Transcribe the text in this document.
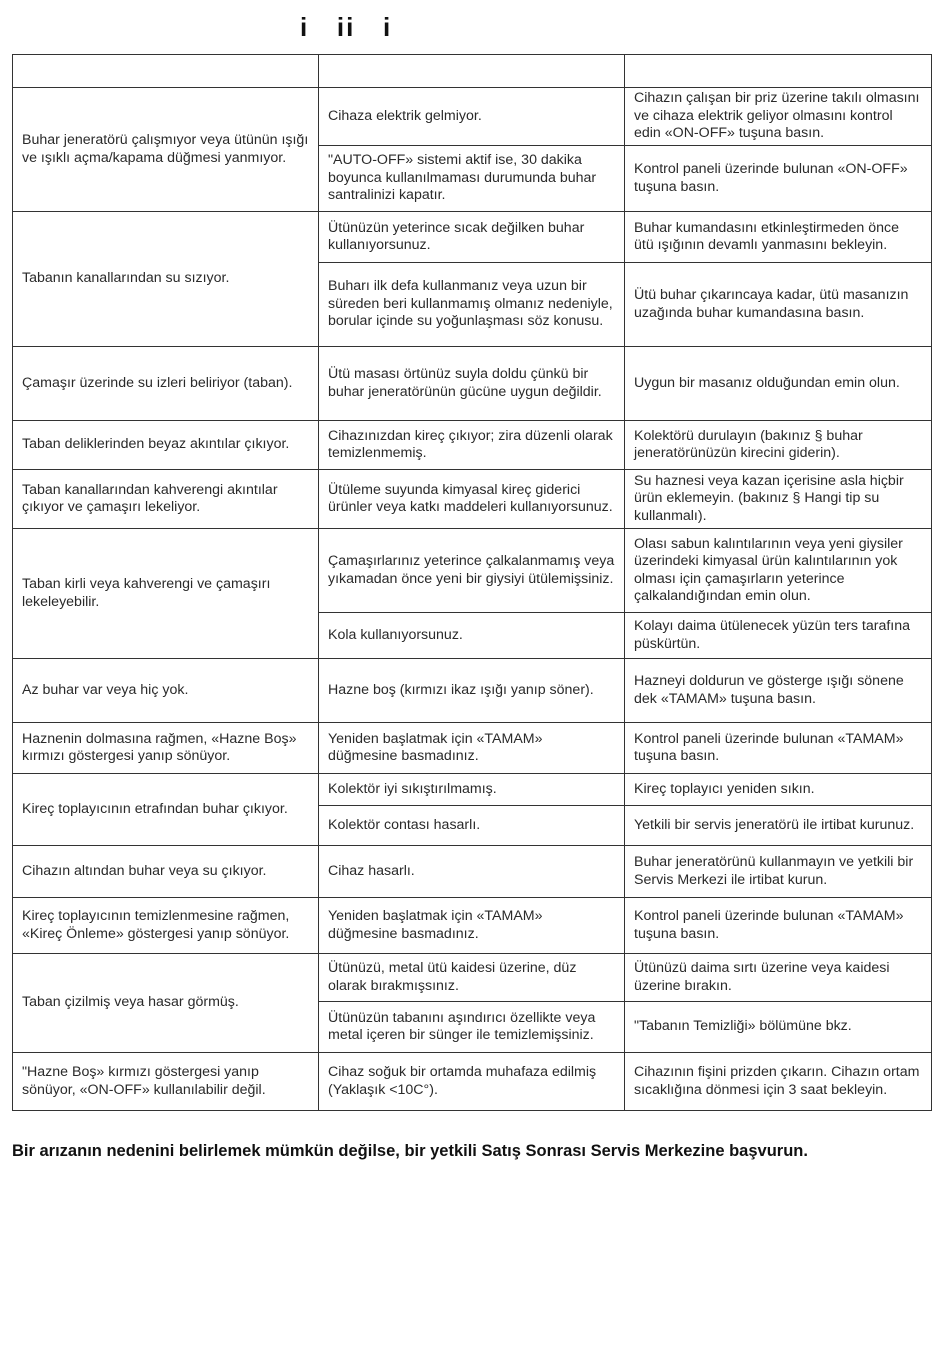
i   ii   i

Buhar jeneratörü çalışmıyor veya ütünün ışığı ve ışıklı açma/kapama düğmesi yanmıyor.	Cihaza elektrik gelmiyor.	Cihazın çalışan bir priz üzerine takılı olmasını ve cihaza elektrik geliyor olmasını kontrol edin «ON-OFF» tuşuna basın.
	"AUTO-OFF» sistemi aktif ise, 30 dakika boyunca kullanılmaması durumunda buhar santralinizi kapatır.	Kontrol paneli üzerinde bulunan «ON-OFF» tuşuna basın.
Tabanın kanallarından su sızıyor.	Ütünüzün yeterince sıcak değilken buhar kullanıyorsunuz.	Buhar kumandasını etkinleştirmeden önce ütü ışığının devamlı yanmasını bekleyin.
	Buharı ilk defa kullanmanız veya uzun bir süreden beri kullanmamış olmanız nedeniyle, borular içinde su yoğunlaşması söz konusu.	Ütü buhar çıkarıncaya kadar, ütü masanızın uzağında buhar kumandasına basın.
Çamaşır üzerinde su izleri beliriyor (taban).	Ütü masası örtünüz suyla doldu çünkü bir buhar jeneratörünün gücüne uygun değildir.	Uygun bir masanız olduğundan emin olun.
Taban deliklerinden beyaz akıntılar çıkıyor.	Cihazınızdan kireç çıkıyor; zira düzenli olarak temizlenmemiş.	Kolektörü durulayın (bakınız § buhar jeneratörünüzün kirecini giderin).
Taban kanallarından kahverengi akıntılar çıkıyor ve çamaşırı lekeliyor.	Ütüleme suyunda kimyasal kireç giderici ürünler veya katkı maddeleri kullanıyorsunuz.	Su haznesi veya kazan içerisine asla hiçbir ürün eklemeyin. (bakınız § Hangi tip su kullanmalı).
Taban kirli veya kahverengi ve çamaşırı lekeleyebilir.	Çamaşırlarınız yeterince çalkalanmamış veya yıkamadan önce yeni bir giysiyi ütülemişsiniz.	Olası sabun kalıntılarının veya yeni giysiler üzerindeki kimyasal ürün kalıntılarının yok olması için çamaşırların yeterince çalkalandığından emin olun.
	Kola kullanıyorsunuz.	Kolayı daima ütülenecek yüzün ters tarafına püskürtün.
Az buhar var veya hiç yok.	Hazne boş (kırmızı ikaz ışığı yanıp söner).	Hazneyi doldurun ve gösterge ışığı sönene dek «TAMAM» tuşuna basın.
Haznenin dolmasına rağmen, «Hazne Boş» kırmızı göstergesi yanıp sönüyor.	Yeniden başlatmak için «TAMAM» düğmesine basmadınız.	Kontrol paneli üzerinde bulunan «TAMAM» tuşuna basın.
Kireç toplayıcının etrafından buhar çıkıyor.	Kolektör iyi sıkıştırılmamış.	Kireç toplayıcı yeniden sıkın.
	Kolektör contası hasarlı.	Yetkili bir servis jeneratörü ile irtibat kurunuz.
Cihazın altından buhar veya su çıkıyor.	Cihaz hasarlı.	Buhar jeneratörünü kullanmayın ve yetkili bir Servis Merkezi ile irtibat kurun.
Kireç toplayıcının temizlenmesine rağmen, «Kireç Önleme» göstergesi yanıp sönüyor.	Yeniden başlatmak için «TAMAM» düğmesine basmadınız.	Kontrol paneli üzerinde bulunan «TAMAM» tuşuna basın.
Taban çizilmiş veya hasar görmüş.	Ütünüzü, metal ütü kaidesi üzerine, düz olarak bırakmışsınız.	Ütünüzü daima sırtı üzerine veya kaidesi üzerine bırakın.
	Ütünüzün tabanını aşındırıcı özellikte veya metal içeren bir sünger ile temizlemişsiniz.	"Tabanın Temizliği» bölümüne bkz.
"Hazne Boş» kırmızı göstergesi yanıp sönüyor, «ON-OFF» kullanılabilir değil.	Cihaz soğuk bir ortamda muhafaza edilmiş (Yaklaşık <10C°).	Cihazının fişini prizden çıkarın. Cihazın ortam sıcaklığına dönmesi için 3 saat bekleyin.
Bir arızanın nedenini belirlemek mümkün değilse, bir yetkili Satış Sonrası Servis Merkezine başvurun.
